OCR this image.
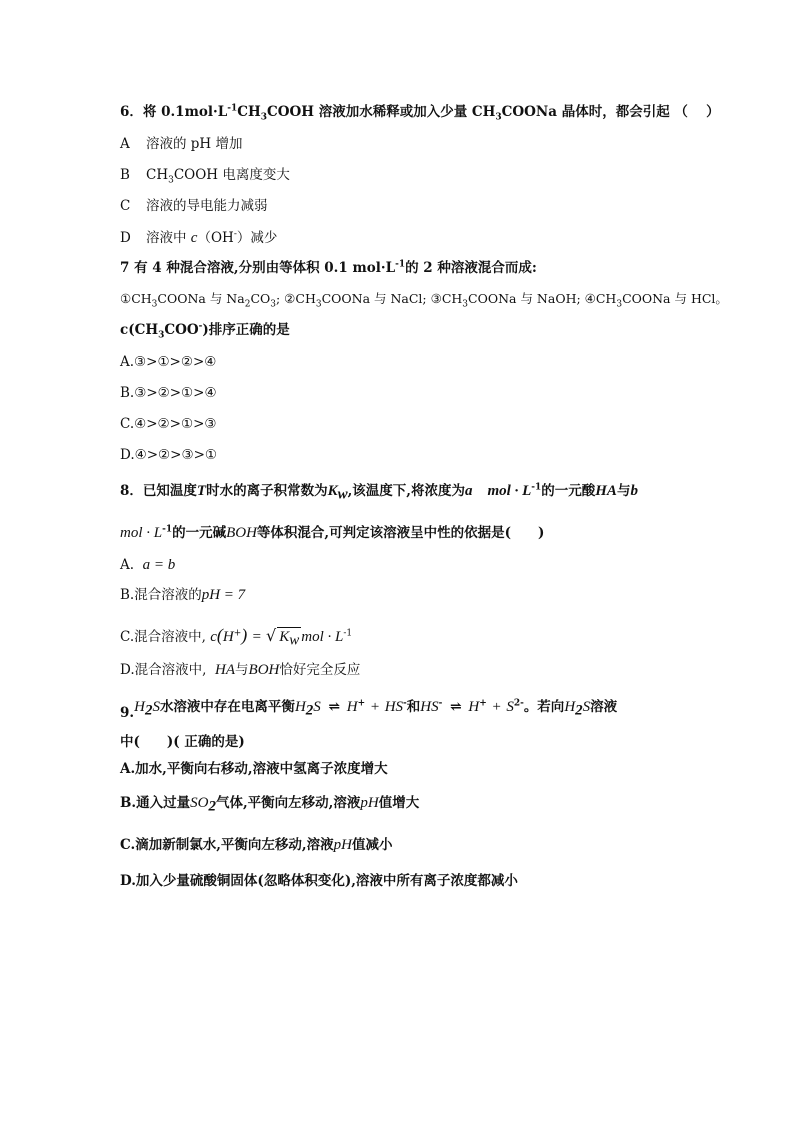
6．将 $0.1mol\cdot L^{-1}CH_3COOH$ 溶液加水稀释或加入少量 $CH_3COONa$ 晶体时，都会引起 （　 ）
A 溶液的 pH 增加
B $CH_3COOH$ 电离度变大
C 溶液的导电能力减弱
D 溶液中 c（OH-）减少
7 有 4 种混合溶液,分别由等体积 0.1 $mol\cdot L^{-1}$的 2 种溶液混合而成:
$①CH_3COONa$ 与 $Na_2CO_3$; $②CH_3COONa$ 与 NaCl; $③CH_3COONa$ 与 NaOH; $④CH_3COONa$ 与 HCl。
$c(CH_3COO^-)$排序正确的是
A.③>①>②>④
B.③>②>①>④
C.④>②>①>③
D.④>②>③>①
8．已知温度T时水的离子积常数为$K_w$,该温度下,将浓度为a　mol · $L^{-1}$的一元酸HA与b
mol · $L^{-1}$的一元碱BOH等体积混合,可判定该溶液呈中性的依据是(　　)
A. a = b
B.混合溶液的pH = 7
C.混合溶液中, c(H+) = √ $K_w$ mol · $L^{-1}$
D.混合溶液中, HA与BOH恰好完全反应
$9.H_2S$水溶液中存在电离平衡$H_2S$ ⇌ H+ + HS-和HS- ⇌ $H^+ + S^{2-}$。若向$H_2S$溶液
中(　　)( 正确的是)
A.加水,平衡向右移动,溶液中氢离子浓度增大
B.通入过量$SO_2$气体,平衡向左移动,溶液pH值增大
C.滴加新制氯水,平衡向左移动,溶液pH值减小
D.加入少量硫酸铜固体(忽略体积变化),溶液中所有离子浓度都减小
